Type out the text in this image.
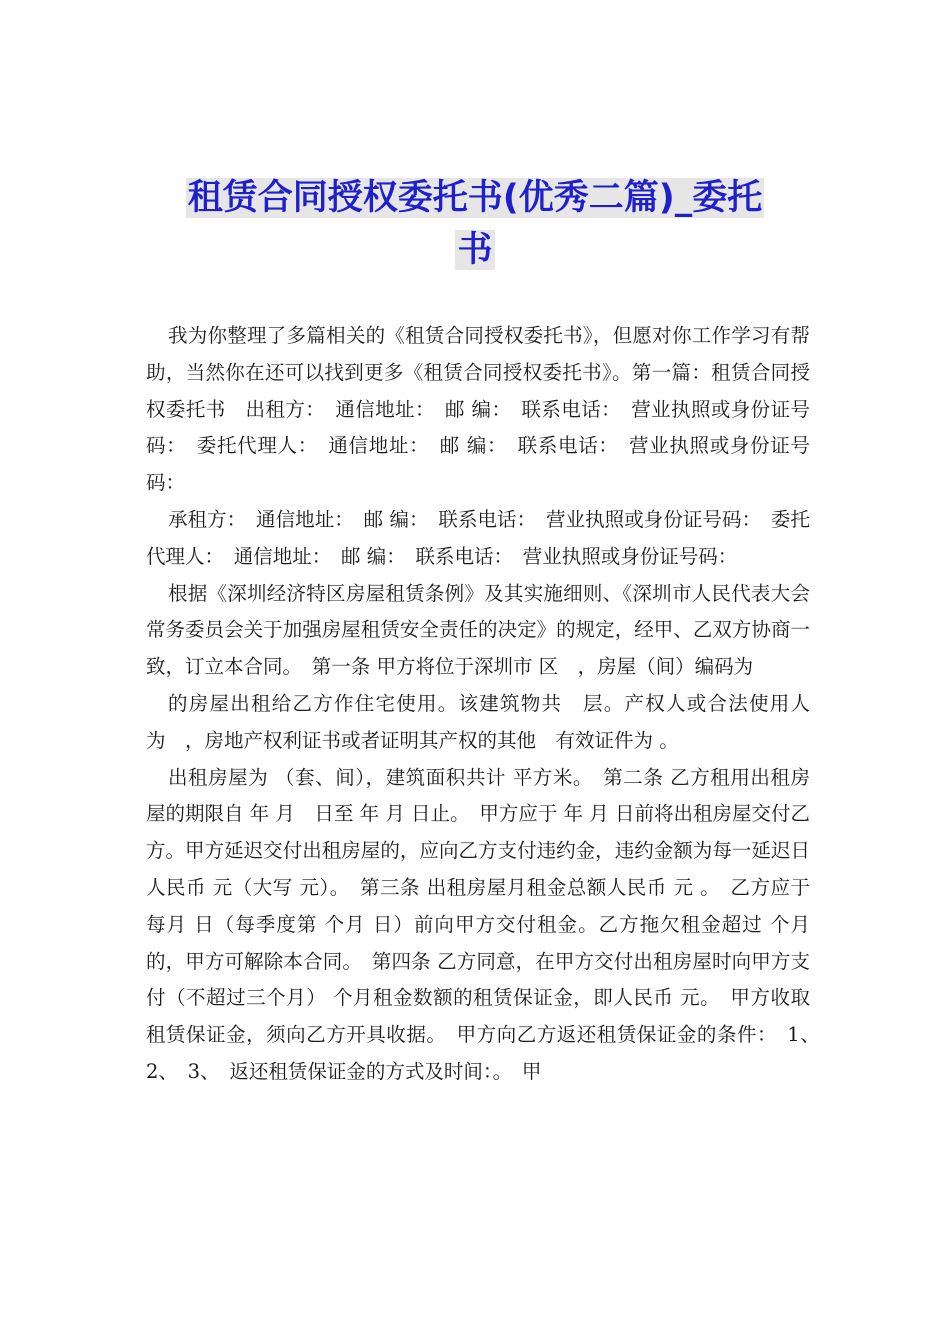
租赁合同授权委托书(优秀二篇)_委托
书

我为你整理了多篇相关的《租赁合同授权委托书》，但愿对你工作学习有帮助，当然你在还可以找到更多《租赁合同授权委托书》。第一篇：租赁合同授权委托书　出租方：　通信地址：　邮 编：　联系电话：　营业执照或身份证号码：　委托代理人：　通信地址：　邮 编：　联系电话：　营业执照或身份证号码：

承租方：　通信地址：　邮 编：　联系电话：　营业执照或身份证号码：　委托代理人：　通信地址：　邮 编：　联系电话：　营业执照或身份证号码：

根据《深圳经济特区房屋租赁条例》及其实施细则、《深圳市人民代表大会常务委员会关于加强房屋租赁安全责任的决定》的规定，经甲、乙双方协商一致，订立本合同。　第一条 甲方将位于深圳市 区　，房屋（间）编码为

的房屋出租给乙方作住宅使用。该建筑物共　层。产权人或合法使用人为　，房地产权利证书或者证明其产权的其他　有效证件为 。

出租房屋为 （套、间），建筑面积共计 平方米。　第二条 乙方租用出租房屋的期限自 年 月　日至 年 月 日止。　甲方应于 年 月 日前将出租房屋交付乙方。甲方延迟交付出租房屋的，应向乙方支付违约金，违约金额为每一延迟日人民币 元（大写 元）。　第三条 出租房屋月租金总额人民币 元 。　乙方应于每月 日（每季度第 个月 日）前向甲方交付租金。乙方拖欠租金超过 个月的，甲方可解除本合同。　第四条 乙方同意，在甲方交付出租房屋时向甲方支付（不超过三个月） 个月租金数额的租赁保证金，即人民币 元。　甲方收取租赁保证金，须向乙方开具收据。　甲方向乙方返还租赁保证金的条件：　1、　2、　3、　返还租赁保证金的方式及时间：。　甲
